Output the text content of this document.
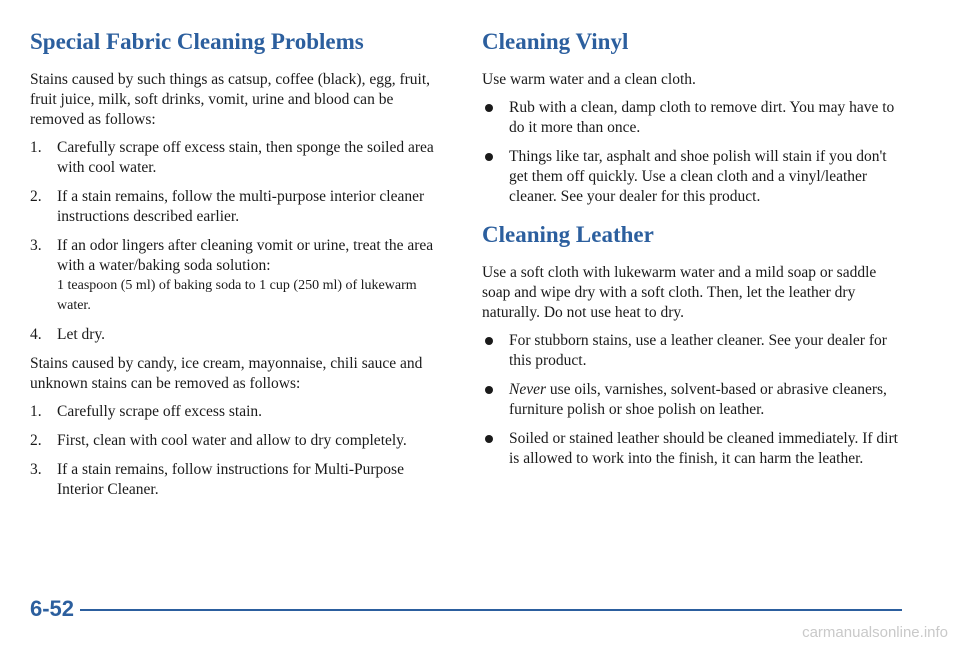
Special Fabric Cleaning Problems

Stains caused by such things as catsup, coffee (black), egg, fruit, fruit juice, milk, soft drinks, vomit, urine and blood can be removed as follows:

1. Carefully scrape off excess stain, then sponge the soiled area with cool water.
2. If a stain remains, follow the multi-purpose interior cleaner instructions described earlier.
3. If an odor lingers after cleaning vomit or urine, treat the area with a water/baking soda solution:
1 teaspoon (5 ml) of baking soda to 1 cup (250 ml) of lukewarm water.
4. Let dry.

Stains caused by candy, ice cream, mayonnaise, chili sauce and unknown stains can be removed as follows:

1. Carefully scrape off excess stain.
2. First, clean with cool water and allow to dry completely.
3. If a stain remains, follow instructions for Multi-Purpose Interior Cleaner.
Cleaning Vinyl

Use warm water and a clean cloth.

Rub with a clean, damp cloth to remove dirt. You may have to do it more than once.
Things like tar, asphalt and shoe polish will stain if you don't get them off quickly. Use a clean cloth and a vinyl/leather cleaner. See your dealer for this product.
Cleaning Leather

Use a soft cloth with lukewarm water and a mild soap or saddle soap and wipe dry with a soft cloth. Then, let the leather dry naturally. Do not use heat to dry.

For stubborn stains, use a leather cleaner. See your dealer for this product.
Never use oils, varnishes, solvent-based or abrasive cleaners, furniture polish or shoe polish on leather.
Soiled or stained leather should be cleaned immediately. If dirt is allowed to work into the finish, it can harm the leather.
6-52
carmanualsonline.info
